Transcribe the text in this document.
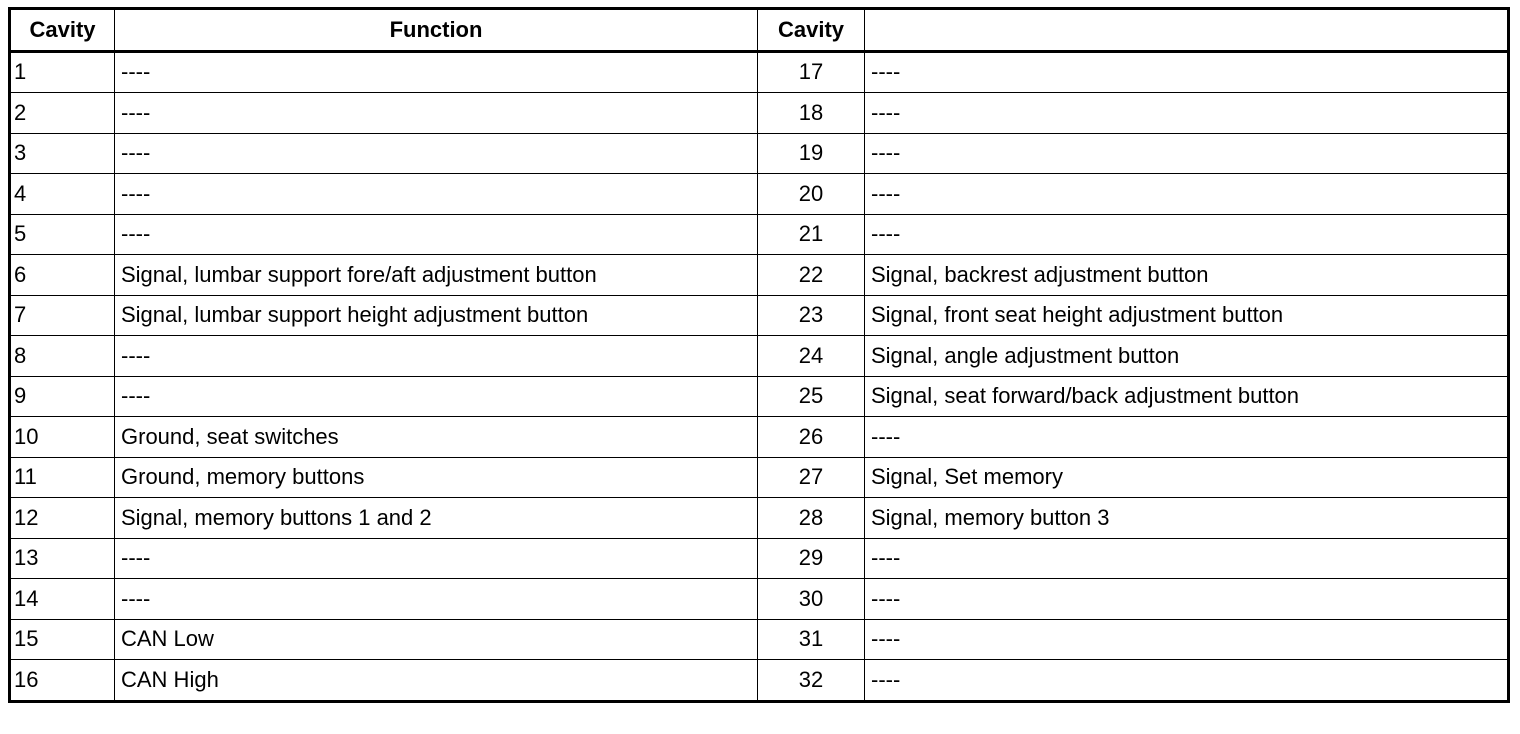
Cavity	Function	Cavity	
1	----	17	----
2	----	18	----
3	----	19	----
4	----	20	----
5	----	21	----
6	Signal, lumbar support fore/aft adjustment button	22	Signal, backrest adjustment button
7	Signal, lumbar support height adjustment button	23	Signal, front seat height adjustment button
8	----	24	Signal, angle adjustment button
9	----	25	Signal, seat forward/back adjustment button
10	Ground, seat switches	26	----
11	Ground, memory buttons	27	Signal, Set memory
12	Signal, memory buttons 1 and 2	28	Signal, memory button 3
13	----	29	----
14	----	30	----
15	CAN Low	31	----
16	CAN High	32	----
